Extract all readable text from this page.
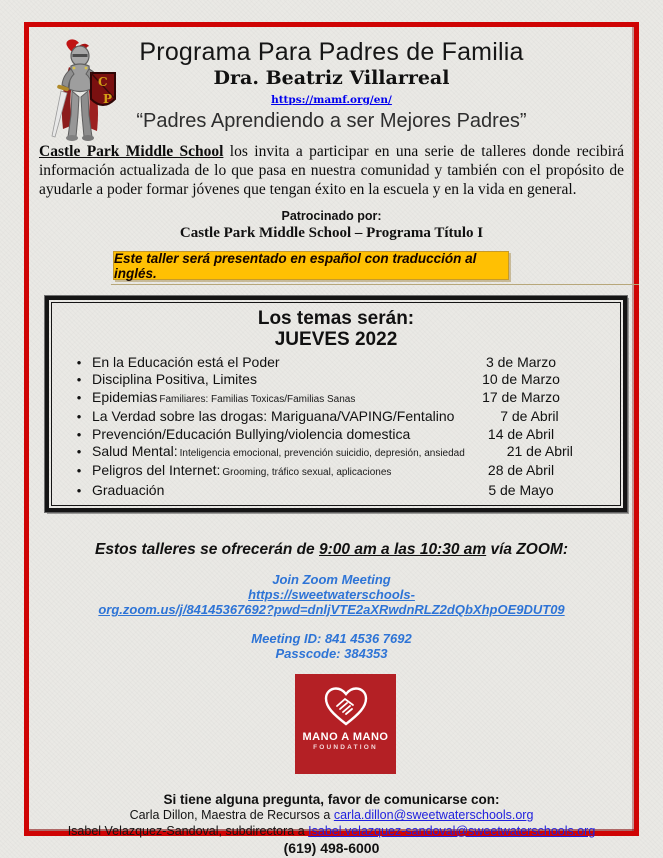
C
P
Programa Para Padres de Familia
Dra. Beatriz Villarreal
https://mamf.org/en/
“Padres Aprendiendo a ser Mejores Padres”

Castle Park Middle School los invita a participar en una serie de talleres donde recibirá información actualizada de lo que pasa en nuestra comunidad y también con el propósito de ayudarle a poder formar jóvenes que tengan éxito en la escuela y en la vida en general.

Patrocinado por:
Castle Park Middle School – Programa Título I
Este taller será presentado en español con traducción al inglés.
Los temas serán:
JUEVES 2022
• En la Educación está el Poder	3 de Marzo
• Disciplina Positiva, Limites	10 de Marzo
• Epidemias Familiares: Familias Toxicas/Familias Sanas	17 de Marzo
• La Verdad sobre las drogas: Mariguana/VAPING/Fentalino	7 de Abril
• Prevención/Educación Bullying/violencia domestica	14 de Abril
• Salud Mental: Inteligencia emocional, prevención suicidio, depresión, ansiedad	21 de Abril
• Peligros del Internet: Grooming, tráfico sexual, aplicaciones	28 de Abril
• Graduación	5 de Mayo
Estos talleres se ofrecerán de 9:00 am a las 10:30 am vía ZOOM:
Join Zoom Meeting
https://sweetwaterschools-
org.zoom.us/j/84145367692?pwd=dnljVTE2aXRwdnRLZ2dQbXhpOE9DUT09
Meeting ID: 841 4536 7692
Passcode: 384353
MANO A MANO
FOUNDATION
Si tiene alguna pregunta, favor de comunicarse con:
Carla Dillon, Maestra de Recursos a carla.dillon@sweetwaterschools.org
Isabel Velazquez-Sandoval, subdirectora a Isabel.velazquez-sandoval@sweetwaterschools.org
(619) 498-6000
